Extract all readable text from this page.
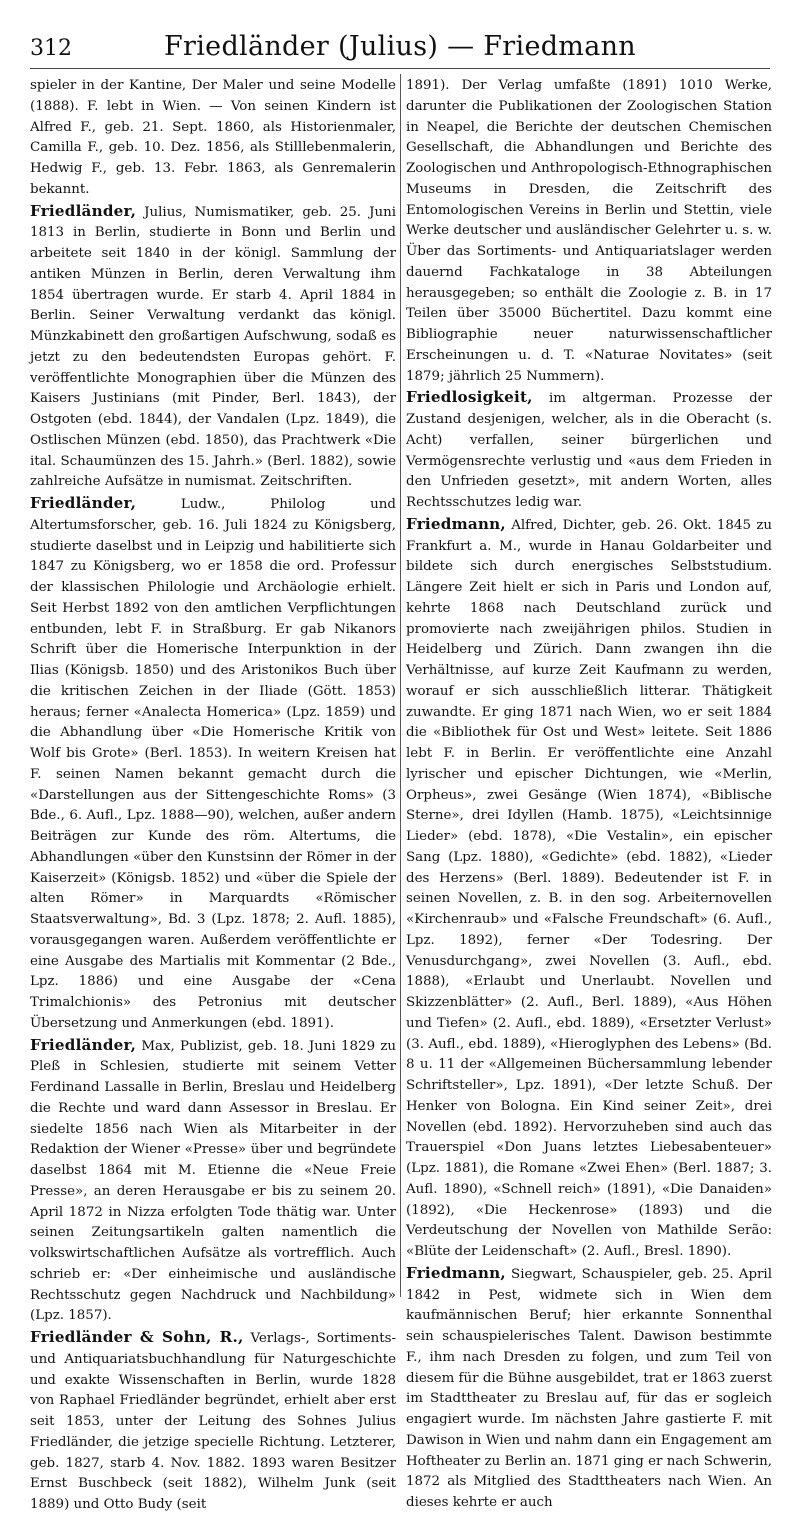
312	Friedländer (Julius) — Friedmann

spieler in der Kantine, Der Maler und seine Modelle (1888). F. lebt in Wien. — Von seinen Kindern ist Alfred F., geb. 21. Sept. 1860, als Historienmaler, Camilla F., geb. 10. Dez. 1856, als Stilllebenmalerin, Hedwig F., geb. 13. Febr. 1863, als Genremalerin bekannt.

Friedländer, Julius, Numismatiker, geb. 25. Juni 1813 in Berlin, studierte in Bonn und Berlin und arbeitete seit 1840 in der königl. Sammlung der antiken Münzen in Berlin, deren Verwaltung ihm 1854 übertragen wurde. Er starb 4. April 1884 in Berlin. Seiner Verwaltung verdankt das königl. Münzkabinett den großartigen Aufschwung, sodaß es jetzt zu den bedeutendsten Europas gehört. F. veröffentlichte Monographien über die Münzen des Kaisers Justinians (mit Pinder, Berl. 1843), der Ostgoten (ebd. 1844), der Vandalen (Lpz. 1849), die Ostlischen Münzen (ebd. 1850), das Prachtwerk «Die ital. Schaumünzen des 15. Jahrh.» (Berl. 1882), sowie zahlreiche Aufsätze in numismat. Zeitschriften.

Friedländer,	Ludw., Philolog und Altertumsforscher, geb. 16. Juli 1824 zu Königsberg, studierte daselbst und in Leipzig und habilitierte sich 1847 zu Königsberg, wo er 1858 die ord. Professur der klassischen Philologie und Archäologie erhielt. Seit Herbst 1892 von den amtlichen Verpflichtungen entbunden, lebt F. in Straßburg. Er gab Nikanors Schrift über die Homerische Interpunktion in der Ilias (Königsb. 1850) und des Aristonikos Buch über die kritischen Zeichen in der Iliade (Gött. 1853) heraus; ferner «Analecta Homerica» (Lpz. 1859) und die Abhandlung über «Die Homerische Kritik von Wolf bis Grote» (Berl. 1853). In weitern Kreisen hat F. seinen Namen bekannt gemacht durch die «Darstellungen aus der Sittengeschichte Roms» (3 Bde., 6. Aufl., Lpz. 1888—90), welchen, außer andern Beiträgen zur Kunde des röm. Altertums, die Abhandlungen «über den Kunstsinn der Römer in der Kaiserzeit» (Königsb. 1852) und «über die Spiele der alten Römer» in Marquardts «Römischer Staatsverwaltung», Bd. 3 (Lpz. 1878; 2. Aufl. 1885), vorausgegangen waren. Außerdem veröffentlichte er eine Ausgabe des Martialis mit Kommentar (2 Bde., Lpz. 1886) und eine Ausgabe der «Cena Trimalchionis» des Petronius mit deutscher Übersetzung und Anmerkungen (ebd. 1891).

Friedländer, Max, Publizist, geb. 18. Juni 1829 zu Pleß in Schlesien, studierte mit seinem Vetter Ferdinand Lassalle in Berlin, Breslau und Heidelberg die Rechte und ward dann Assessor in Breslau. Er siedelte 1856 nach Wien als Mitarbeiter in der Redaktion der Wiener «Presse» über und begründete daselbst 1864 mit M. Etienne die «Neue Freie Presse», an deren Herausgabe er bis zu seinem 20. April 1872 in Nizza erfolgten Tode thätig war. Unter seinen Zeitungsartikeln galten namentlich die volkswirtschaftlichen Aufsätze als vortrefflich. Auch schrieb er: «Der einheimische und ausländische Rechtsschutz gegen Nachdruck und Nachbildung» (Lpz. 1857).

Friedländer & Sohn, R., Verlags-, Sortiments- und Antiquariatsbuchhandlung für Naturgeschichte und exakte Wissenschaften in Berlin, wurde 1828 von Raphael Friedländer begründet, erhielt aber erst seit 1853, unter der Leitung des Sohnes Julius Friedländer, die jetzige specielle Richtung. Letzterer, geb. 1827, starb 4. Nov. 1882. 1893 waren Besitzer Ernst Buschbeck (seit 1882), Wilhelm Junk (seit 1889) und Otto Budy (seit

1891). Der Verlag umfaßte (1891) 1010 Werke, darunter die Publikationen der Zoologischen Station in Neapel, die Berichte der deutschen Chemischen Gesellschaft, die Abhandlungen und Berichte des Zoologischen und Anthropologisch-Ethnographischen Museums in Dresden, die Zeitschrift des Entomologischen Vereins in Berlin und Stettin, viele Werke deutscher und ausländischer Gelehrter u. s. w. Über das Sortiments- und Antiquariatslager werden dauernd Fachkataloge in 38 Abteilungen herausgegeben; so enthält die Zoologie z. B. in 17 Teilen über 35000 Büchertitel. Dazu kommt eine Bibliographie neuer naturwissenschaftlicher Erscheinungen u. d. T. «Naturae Novitates» (seit 1879; jährlich 25 Nummern).

Friedlosigkeit, im altgerman. Prozesse der Zustand desjenigen, welcher, als in die Oberacht (s. Acht) verfallen, seiner bürgerlichen und Vermögensrechte verlustig und «aus dem Frieden in den Unfrieden gesetzt», mit andern Worten, alles Rechtsschutzes ledig war.

Friedmann, Alfred, Dichter, geb. 26. Okt. 1845 zu Frankfurt a. M., wurde in Hanau Goldarbeiter und bildete sich durch energisches Selbststudium. Längere Zeit hielt er sich in Paris und London auf, kehrte 1868 nach Deutschland zurück und promovierte nach zweijährigen philos. Studien in Heidelberg und Zürich. Dann zwangen ihn die Verhältnisse, auf kurze Zeit Kaufmann zu werden, worauf er sich ausschließlich litterar. Thätigkeit zuwandte. Er ging 1871 nach Wien, wo er seit 1884 die «Bibliothek für Ost und West» leitete. Seit 1886 lebt F. in Berlin. Er veröffentlichte eine Anzahl lyrischer und epischer Dichtungen, wie «Merlin, Orpheus», zwei Gesänge (Wien 1874), «Biblische Sterne», drei Idyllen (Hamb. 1875), «Leichtsinnige Lieder» (ebd. 1878), «Die Vestalin», ein epischer Sang (Lpz. 1880), «Gedichte» (ebd. 1882), «Lieder des Herzens» (Berl. 1889). Bedeutender ist F. in seinen Novellen, z. B. in den sog. Arbeiternovellen «Kirchenraub» und «Falsche Freundschaft» (6. Aufl., Lpz. 1892), ferner «Der Todesring. Der Venusdurchgang», zwei Novellen (3. Aufl., ebd. 1888), «Erlaubt und Unerlaubt. Novellen und Skizzenblätter» (2. Aufl., Berl. 1889), «Aus Höhen und Tiefen» (2. Aufl., ebd. 1889), «Ersetzter Verlust» (3. Aufl., ebd. 1889), «Hieroglyphen des Lebens» (Bd. 8 u. 11 der «Allgemeinen Büchersammlung lebender Schriftsteller», Lpz. 1891), «Der letzte Schuß. Der Henker von Bologna. Ein Kind seiner Zeit», drei Novellen (ebd. 1892). Hervorzuheben sind auch das Trauerspiel «Don Juans letztes Liebesabenteuer» (Lpz. 1881), die Romane «Zwei Ehen» (Berl. 1887; 3. Aufl. 1890), «Schnell reich» (1891), «Die Danaiden» (1892), «Die Heckenrose» (1893) und die Verdeutschung der Novellen von Mathilde Serão: «Blüte der Leidenschaft» (2. Aufl., Bresl. 1890).

Friedmann, Siegwart, Schauspieler, geb. 25. April 1842 in Pest, widmete sich in Wien dem kaufmännischen Beruf; hier erkannte Sonnenthal sein schauspielerisches Talent. Dawison bestimmte F., ihm nach Dresden zu folgen, und zum Teil von diesem für die Bühne ausgebildet, trat er 1863 zuerst im Stadttheater zu Breslau auf, für das er sogleich engagiert wurde. Im nächsten Jahre gastierte F. mit Dawison in Wien und nahm dann ein Engagement am Hoftheater zu Berlin an. 1871 ging er nach Schwerin, 1872 als Mitglied des Stadttheaters nach Wien. An dieses kehrte er auch
